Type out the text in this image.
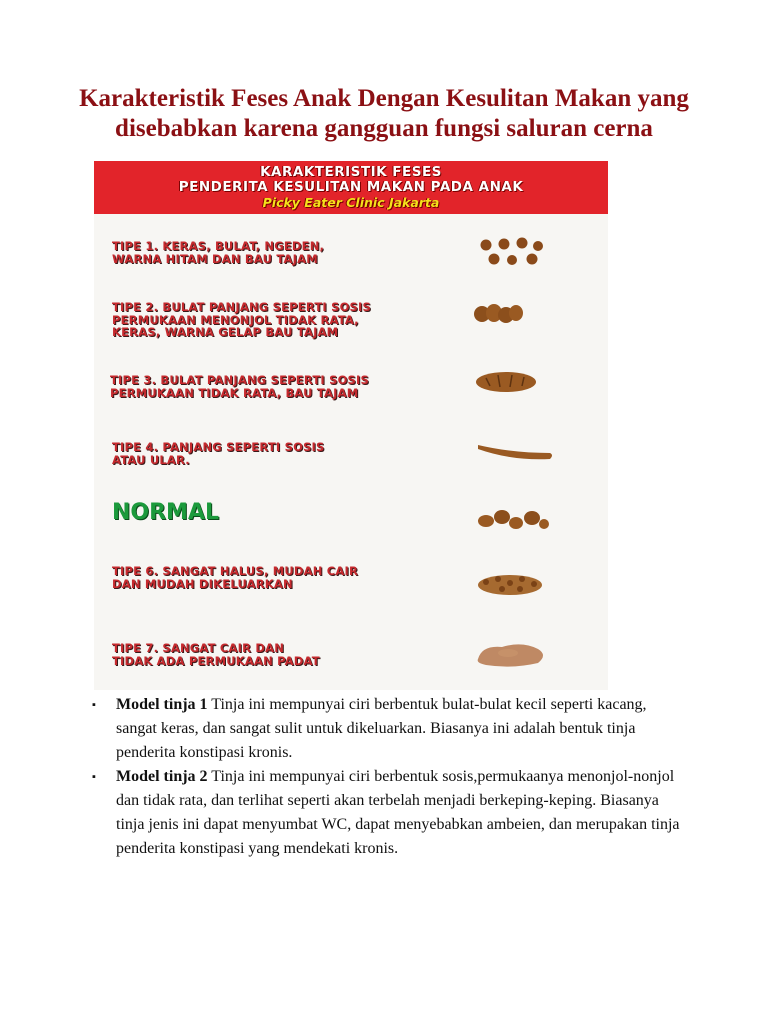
Karakteristik Feses Anak Dengan Kesulitan Makan yang disebabkan karena gangguan fungsi saluran cerna
KARAKTERISTIK FESES
PENDERITA KESULITAN MAKAN PADA ANAK
Picky Eater Clinic Jakarta
TIPE 1. KERAS, BULAT, NGEDEN,
WARNA HITAM DAN BAU TAJAM
TIPE 2. BULAT PANJANG SEPERTI SOSIS
PERMUKAAN MENONJOL TIDAK RATA,
KERAS, WARNA GELAP BAU TAJAM
TIPE 3. BULAT PANJANG SEPERTI SOSIS
PERMUKAAN TIDAK RATA, BAU TAJAM
TIPE 4. PANJANG SEPERTI SOSIS
ATAU ULAR.
NORMAL
TIPE 6. SANGAT HALUS, MUDAH CAIR
DAN MUDAH DIKELUARKAN
TIPE 7. SANGAT CAIR DAN
TIDAK ADA PERMUKAAN PADAT
▪ Model tinja 1 Tinja ini mempunyai ciri berbentuk bulat-bulat kecil seperti kacang, sangat keras, dan sangat sulit untuk dikeluarkan. Biasanya ini adalah bentuk tinja penderita konstipasi kronis.
▪ Model tinja 2 Tinja ini mempunyai ciri berbentuk sosis,permukaanya menonjol-nonjol dan tidak rata, dan terlihat seperti akan terbelah menjadi berkeping-keping. Biasanya tinja jenis ini dapat menyumbat WC, dapat menyebabkan ambeien, dan merupakan tinja penderita konstipasi yang mendekati kronis.
